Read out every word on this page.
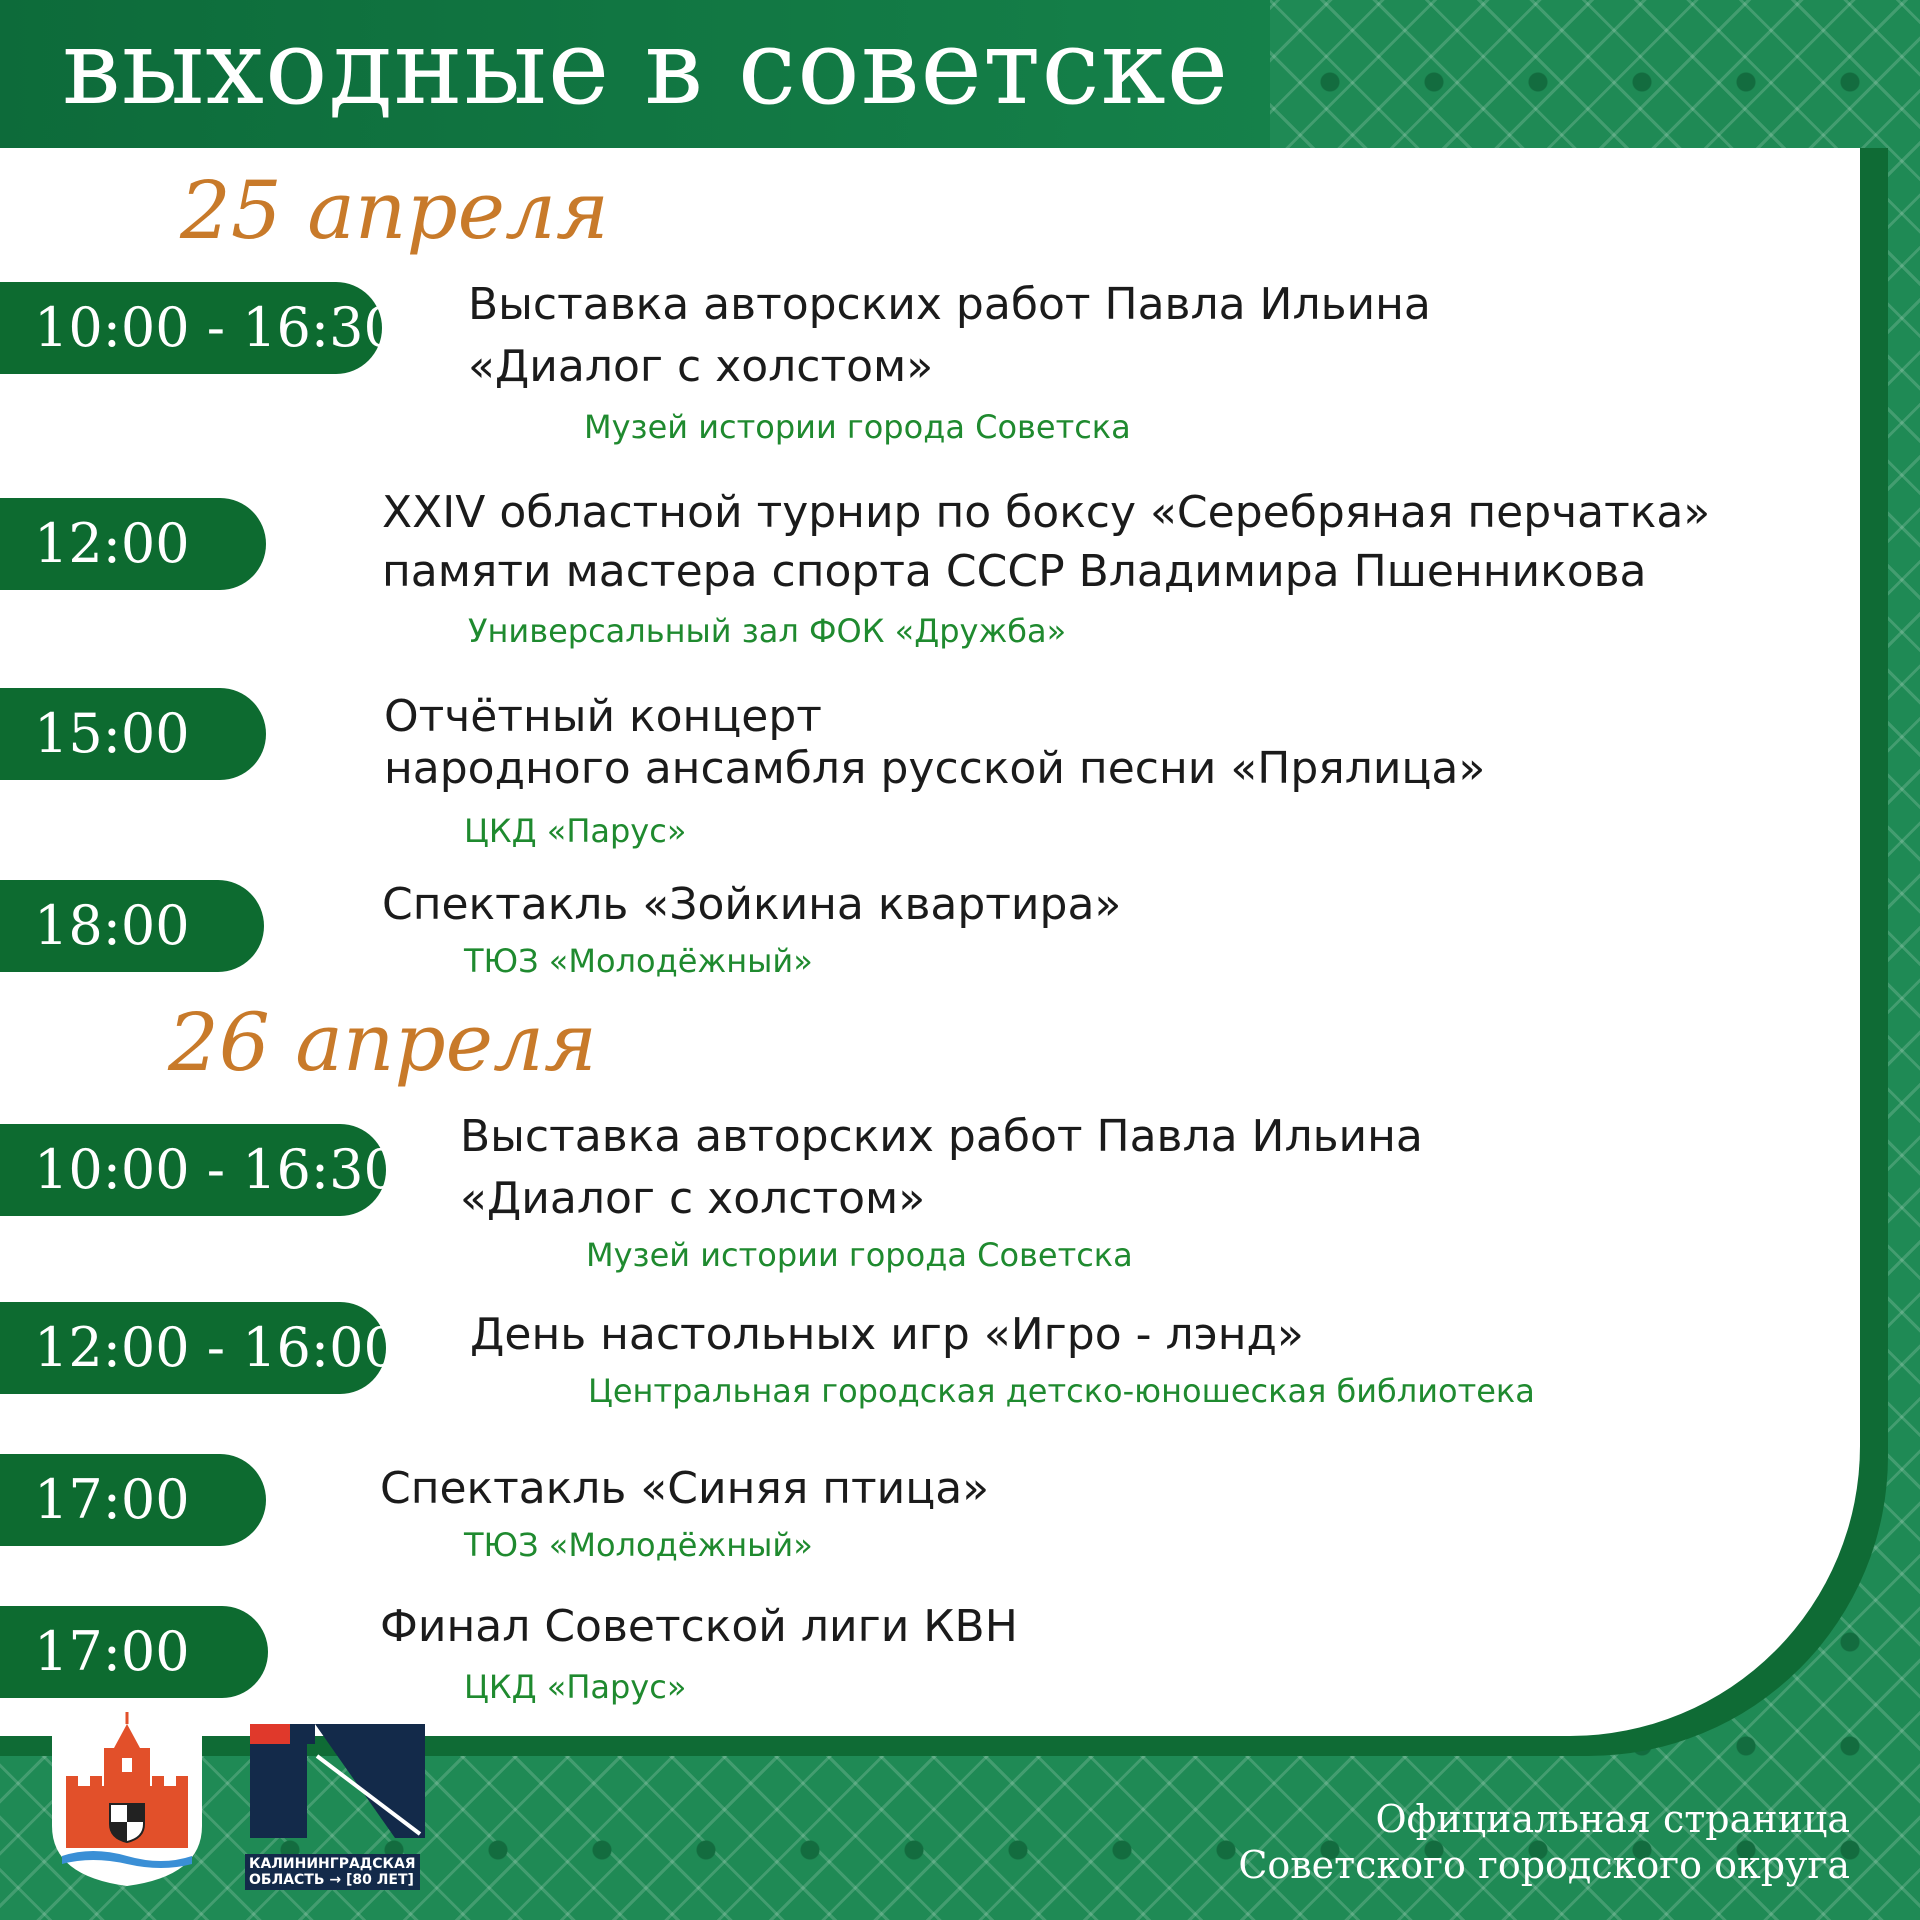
выходные в советске
25 апреля
10:00 - 16:30 Выставка авторских работ Павла Ильина

«Диалог с холстом»

Музей истории города Советска

12:00	XXIV областной турнир по боксу «Серебряная перчатка»

памяти мастера спорта СССР Владимира Пшенникова

Универсальный зал ФОК «Дружба»

15:00	Отчётный концерт

народного ансамбля русской песни «Прялица»

ЦКД «Парус»

18:00	Спектакль «Зойкина квартира»

ТЮЗ «Молодёжный»

26 апреля
10:00 - 16:30

Выставка авторских работ Павла Ильина

«Диалог с холстом»

Музей истории города Советска

12:00 - 16:00 День настольных игр «Игро - лэнд»

Центральная городская детско-юношеская библиотека

17:00	Спектакль «Синяя птица»

ТЮЗ «Молодёжный»

17:00	Финал Советской лиги КВН

ЦКД «Парус»

КАЛИНИНГРАДСКАЯ
ОБЛАСТЬ → [80 ЛЕТ]
Официальная страница
Советского городского округа
